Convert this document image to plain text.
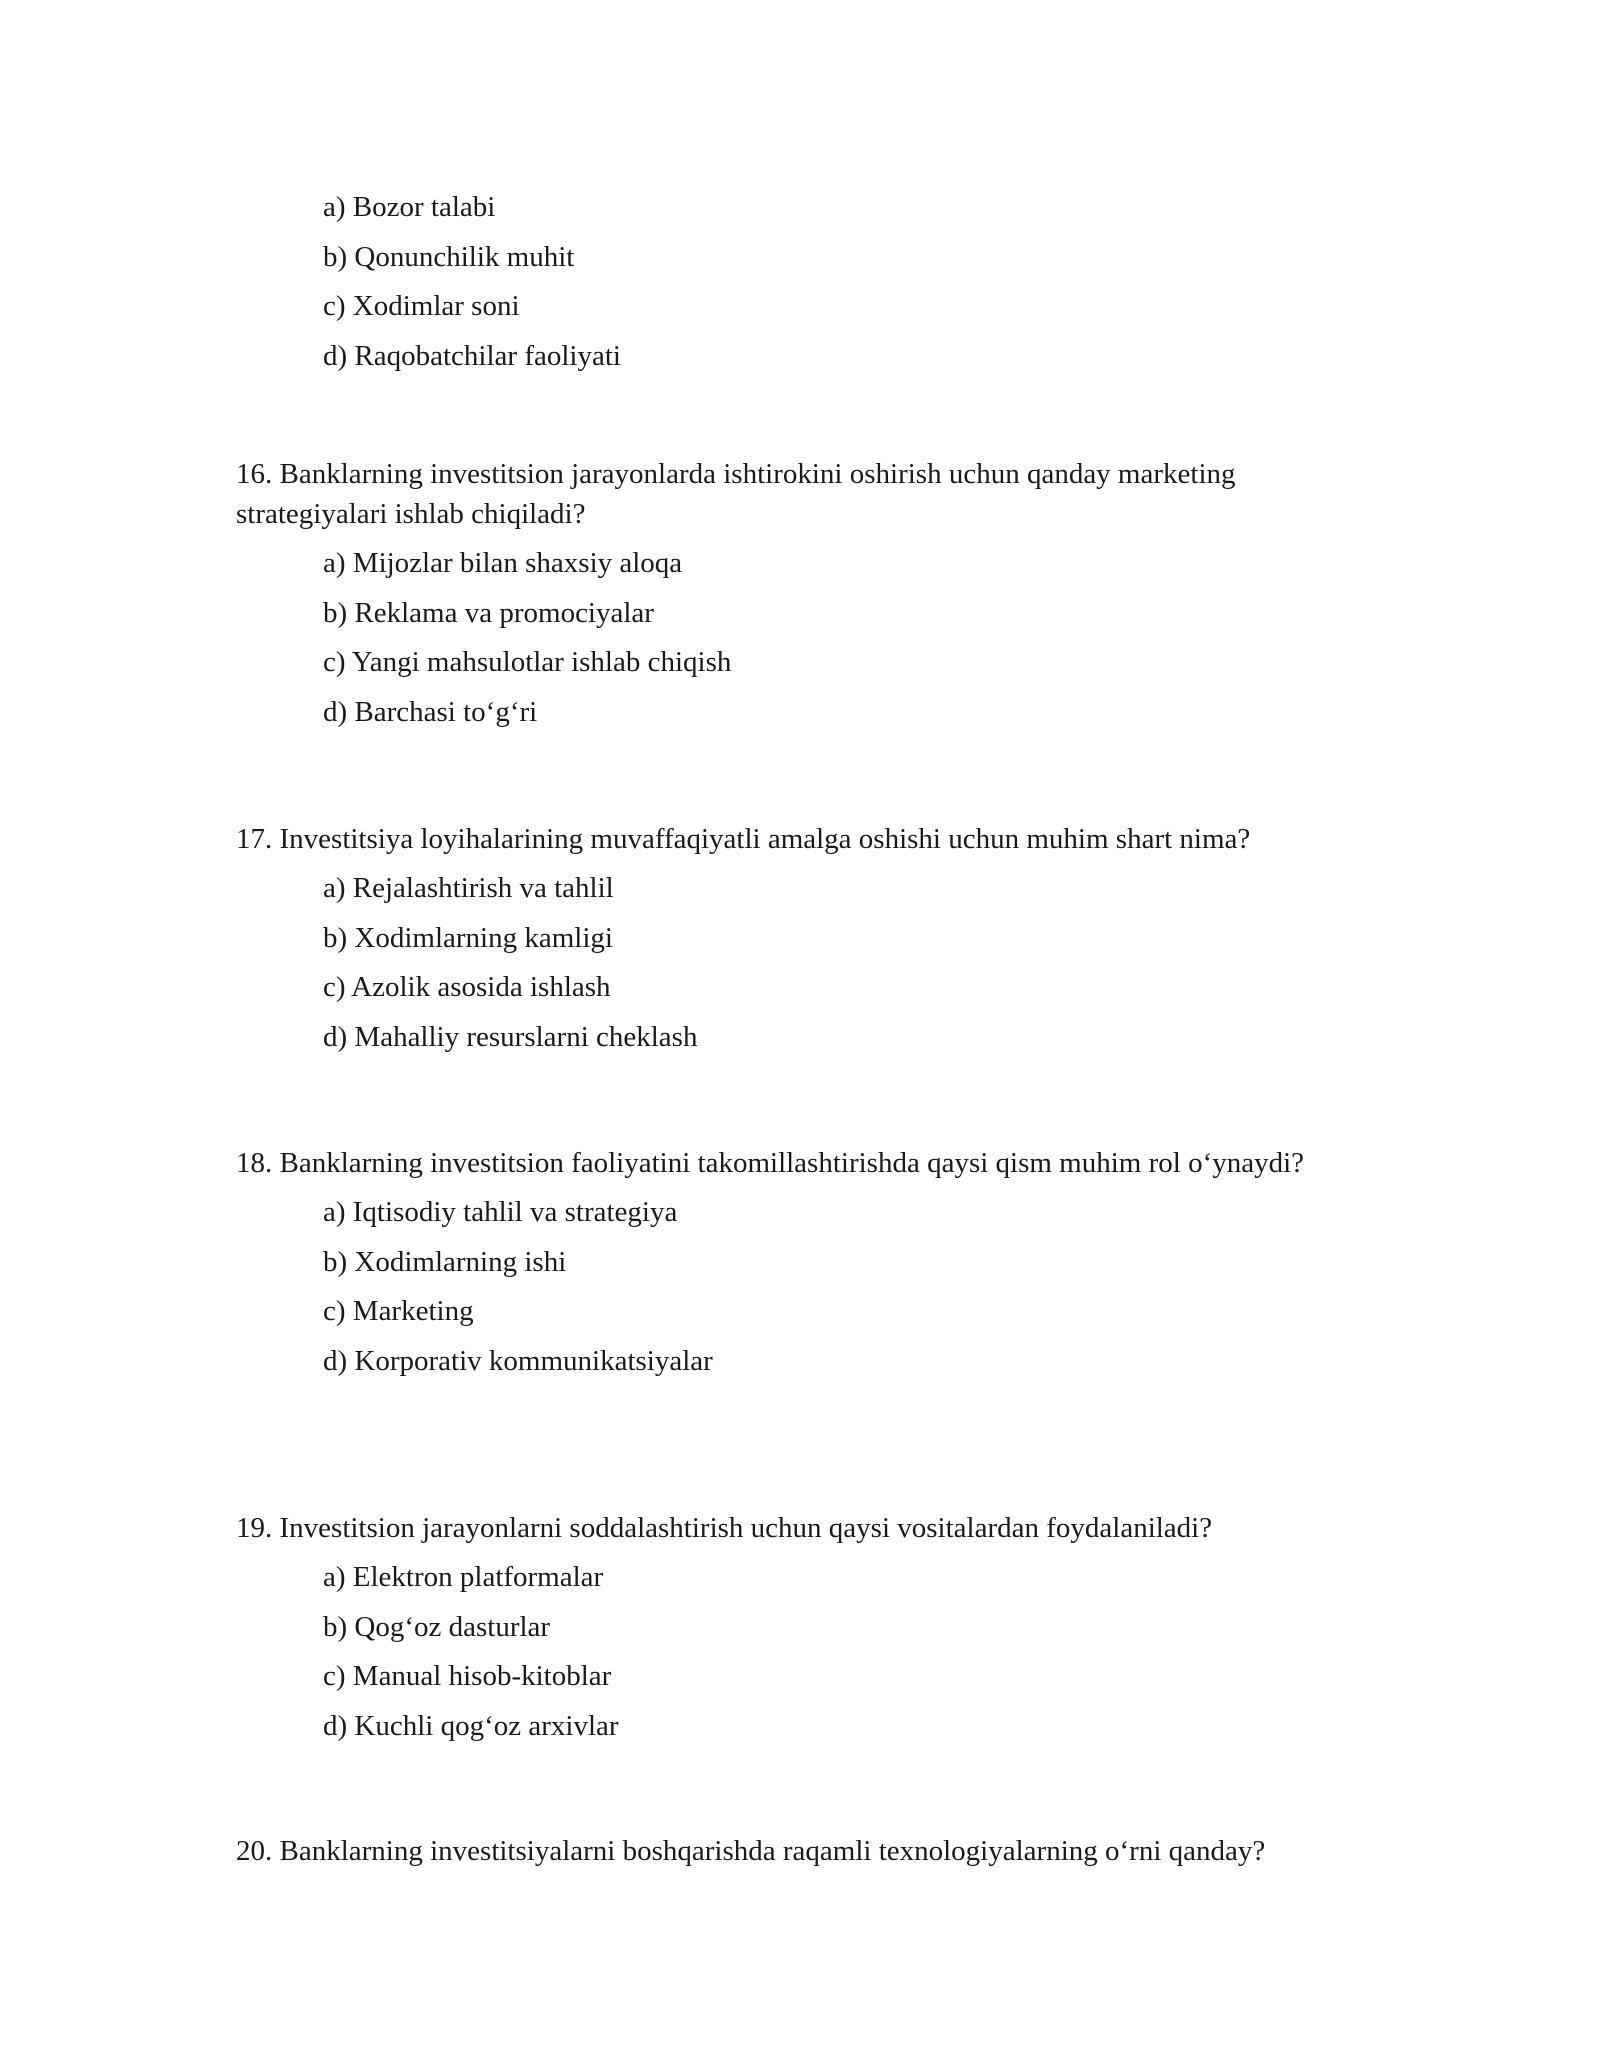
a) Bozor talabi
b) Qonunchilik muhit
c) Xodimlar soni
d) Raqobatchilar faoliyati
16. Banklarning investitsion jarayonlarda ishtirokini oshirish uchun qanday marketing strategiyalari ishlab chiqiladi?
a) Mijozlar bilan shaxsiy aloqa
b) Reklama va promociyalar
c) Yangi mahsulotlar ishlab chiqish
d) Barchasi to‘g‘ri
17. Investitsiya loyihalarining muvaffaqiyatli amalga oshishi uchun muhim shart nima?
a) Rejalashtirish va tahlil
b) Xodimlarning kamligi
c) Azolik asosida ishlash
d) Mahalliy resurslarni cheklash
18. Banklarning investitsion faoliyatini takomillashtirishda qaysi qism muhim rol o‘ynaydi?
a) Iqtisodiy tahlil va strategiya
b) Xodimlarning ishi
c) Marketing
d) Korporativ kommunikatsiyalar
19. Investitsion jarayonlarni soddalashtirish uchun qaysi vositalardan foydalaniladi?
a) Elektron platformalar
b) Qog‘oz dasturlar
c) Manual hisob-kitoblar
d) Kuchli qog‘oz arxivlar
20. Banklarning investitsiyalarni boshqarishda raqamli texnologiyalarning o‘rni qanday?
